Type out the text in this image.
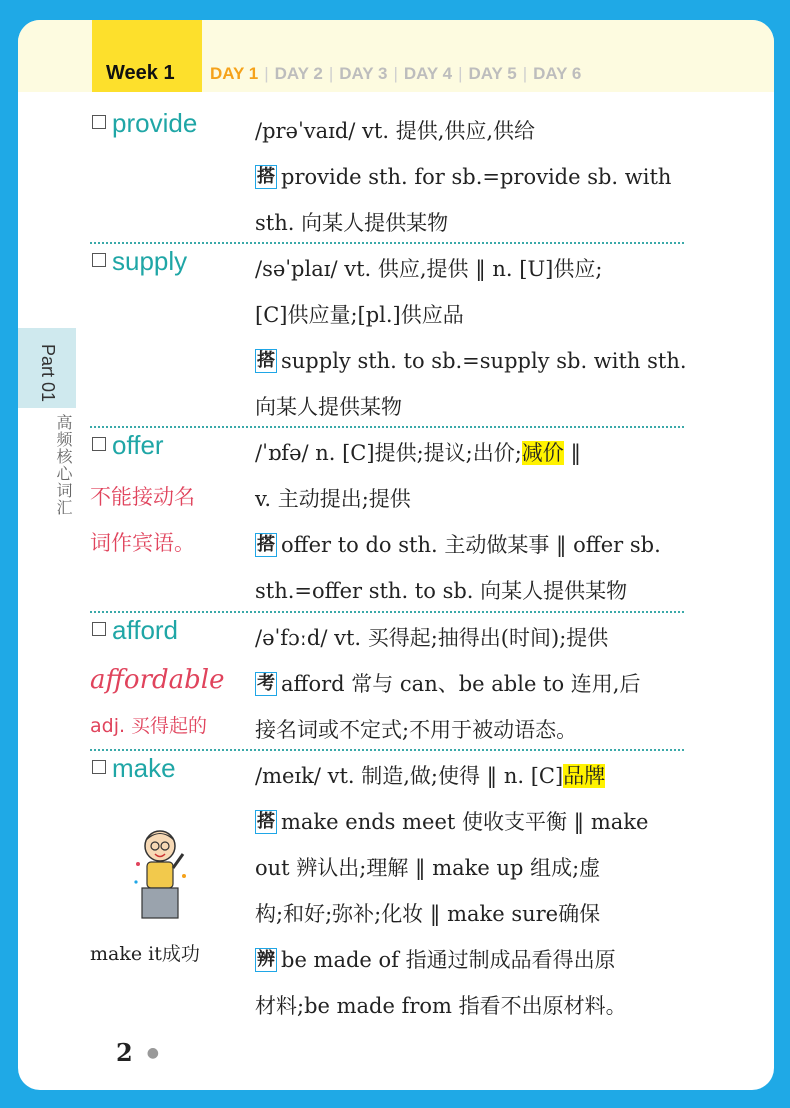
Week 1 DAY 1 | DAY 2 | DAY 3 | DAY 4 | DAY 5 | DAY 6
Part 01
高频核心词汇
provide	/prəˈvaɪd/ vt. 提供,供应,供给
搭 provide sth. for sb.=provide sb. with
sth. 向某人提供某物
supply	/səˈplaɪ/ vt. 供应,提供 ‖ n. [U]供应;
[C]供应量;[pl.]供应品
搭 supply sth. to sb.=supply sb. with sth.
向某人提供某物
offer
不能接动名
词作宾语。
/ˈɒfə/ n. [C]提供;提议;出价;减价 ‖
v. 主动提出;提供
搭 offer to do sth. 主动做某事 ‖ offer sb.
sth.=offer sth. to sb. 向某人提供某物
afford
affordable
adj. 买得起的
/əˈfɔːd/ vt. 买得起;抽得出(时间);提供
考 afford 常与 can、be able to 连用,后
接名词或不定式;不用于被动语态。
make
make it成功
/meɪk/ vt. 制造,做;使得 ‖ n. [C]品牌
搭 make ends meet 使收支平衡 ‖ make
out 辨认出;理解 ‖ make up 组成;虚
构;和好;弥补;化妆 ‖ make sure确保
辨 be made of 指通过制成品看得出原
材料;be made from 指看不出原材料。
2 ●
